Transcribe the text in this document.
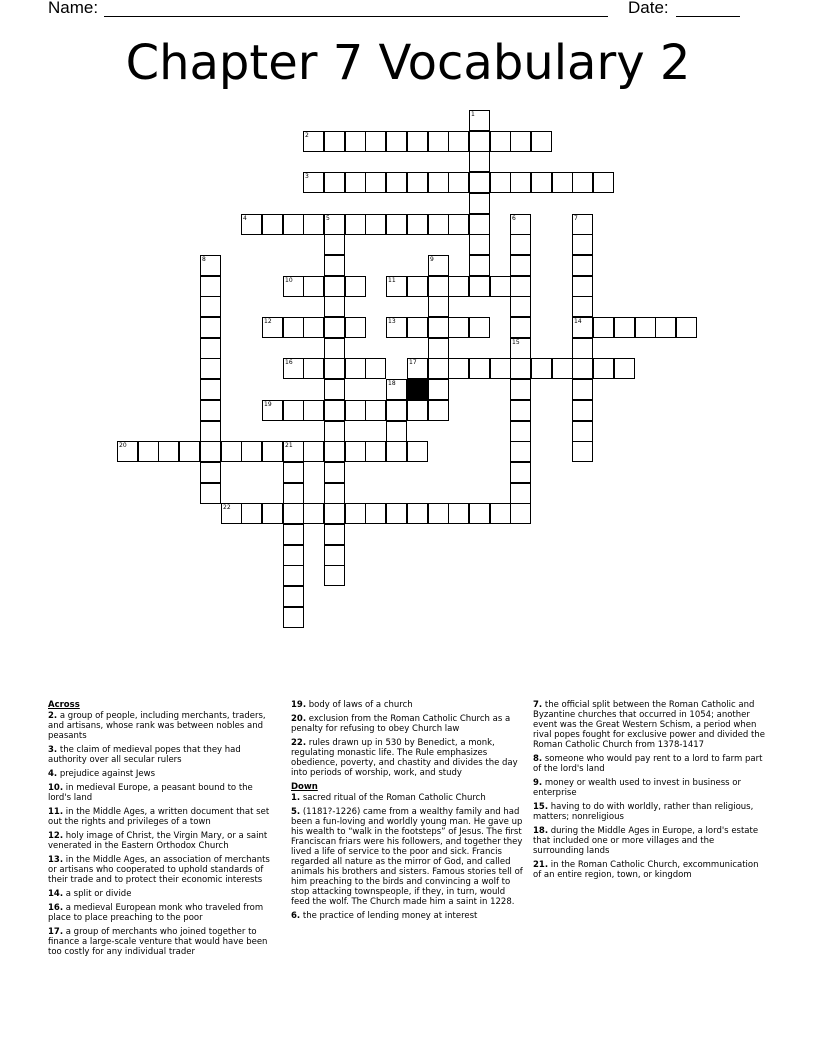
Name:	Date:
Chapter 7 Vocabulary 2
1
2
3
4	5	6
15
7
14
8	9
10	11
12	13
16	17
18
19
20	21
22
Across
2. a group of people, including merchants, traders, and artisans, whose rank was between nobles and peasants
3. the claim of medieval popes that they had authority over all secular rulers
4. prejudice against Jews
10. in medieval Europe, a peasant bound to the lord's land
11. in the Middle Ages, a written document that set out the rights and privileges of a town
12. holy image of Christ, the Virgin Mary, or a saint venerated in the Eastern Orthodox Church
13. in the Middle Ages, an association of merchants or artisans who cooperated to uphold standards of their trade and to protect their economic interests
14. a split or divide
16. a medieval European monk who traveled from place to place preaching to the poor
17. a group of merchants who joined together to finance a large-scale venture that would have been too costly for any individual trader
19. body of laws of a church
20. exclusion from the Roman Catholic Church as a penalty for refusing to obey Church law
22. rules drawn up in 530 by Benedict, a monk, regulating monastic life. The Rule emphasizes obedience, poverty, and chastity and divides the day into periods of worship, work, and study
Down
1. sacred ritual of the Roman Catholic Church
5. (1181?-1226) came from a wealthy family and had been a fun-loving and worldly young man. He gave up his wealth to “walk in the footsteps” of Jesus. The first Franciscan friars were his followers, and together they lived a life of service to the poor and sick. Francis regarded all nature as the mirror of God, and called animals his brothers and sisters. Famous stories tell of him preaching to the birds and convincing a wolf to stop attacking townspeople, if they, in turn, would feed the wolf. The Church made him a saint in 1228.
6. the practice of lending money at interest
7. the official split between the Roman Catholic and Byzantine churches that occurred in 1054; another event was the Great Western Schism, a period when rival popes fought for exclusive power and divided the Roman Catholic Church from 1378-1417
8. someone who would pay rent to a lord to farm part of the lord's land
9. money or wealth used to invest in business or enterprise
15. having to do with worldly, rather than religious, matters; nonreligious
18. during the Middle Ages in Europe, a lord's estate that included one or more villages and the surrounding lands
21. in the Roman Catholic Church, excommunication of an entire region, town, or kingdom
